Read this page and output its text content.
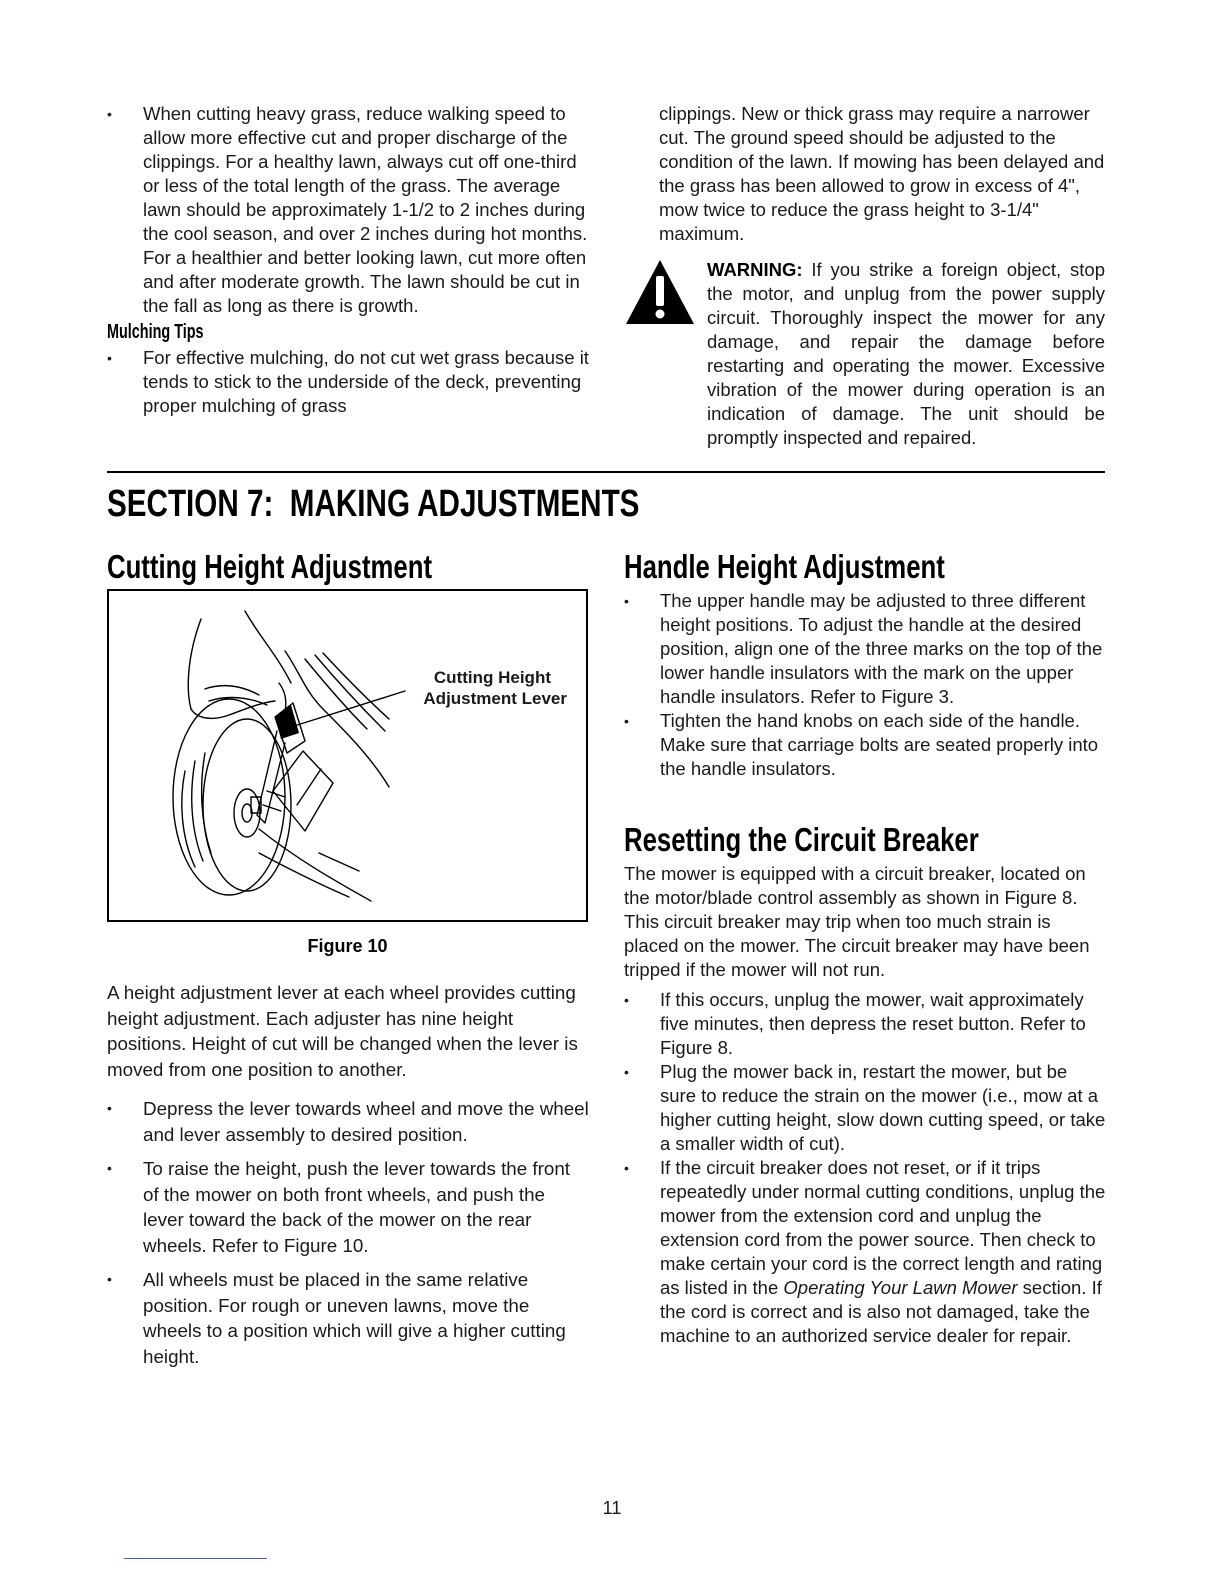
• When cutting heavy grass, reduce walking speed to allow more effective cut and proper discharge of the clippings. For a healthy lawn, always cut off one-third or less of the total length of the grass. The average lawn should be approximately 1-1/2 to 2 inches during the cool season, and over 2 inches during hot months. For a healthier and better looking lawn, cut more often and after moderate growth. The lawn should be cut in the fall as long as there is growth.
Mulching Tips
• For effective mulching, do not cut wet grass because it tends to stick to the underside of the deck, preventing proper mulching of grass
clippings. New or thick grass may require a narrower cut. The ground speed should be adjusted to the condition of the lawn. If mowing has been delayed and the grass has been allowed to grow in excess of 4", mow twice to reduce the grass height to 3-1/4" maximum.
WARNING: If you strike a foreign object, stop the motor, and unplug from the power supply circuit. Thoroughly inspect the mower for any damage, and repair the damage before restarting and operating the mower. Excessive vibration of the mower during operation is an indication of damage. The unit should be promptly inspected and repaired.
SECTION 7:  MAKING ADJUSTMENTS
Cutting Height Adjustment
Cutting Height
Adjustment Lever
Figure 10
A height adjustment lever at each wheel provides cutting height adjustment. Each adjuster has nine height positions. Height of cut will be changed when the lever is moved from one position to another.
• Depress the lever towards wheel and move the wheel and lever assembly to desired position.
• To raise the height, push the lever towards the front of the mower on both front wheels, and push the lever toward the back of the mower on the rear wheels. Refer to Figure 10.
• All wheels must be placed in the same relative position. For rough or uneven lawns, move the wheels to a position which will give a higher cutting height.
Handle Height Adjustment
• The upper handle may be adjusted to three different height positions. To adjust the handle at the desired position, align one of the three marks on the top of the lower handle insulators with the mark on the upper handle insulators. Refer to Figure 3.
• Tighten the hand knobs on each side of the handle. Make sure that carriage bolts are seated properly into the handle insulators.
Resetting the Circuit Breaker
The mower is equipped with a circuit breaker, located on the motor/blade control assembly as shown in Figure 8. This circuit breaker may trip when too much strain is placed on the mower. The circuit breaker may have been tripped if the mower will not run.
• If this occurs, unplug the mower, wait approximately five minutes, then depress the reset button. Refer to Figure 8.
• Plug the mower back in, restart the mower, but be sure to reduce the strain on the mower (i.e., mow at a higher cutting height, slow down cutting speed, or take a smaller width of cut).
• If the circuit breaker does not reset, or if it trips repeatedly under normal cutting conditions, unplug the mower from the extension cord and unplug the extension cord from the power source. Then check to make certain your cord is the correct length and rating as listed in the Operating Your Lawn Mower section. If the cord is correct and is also not damaged, take the machine to an authorized service dealer for repair.
11
